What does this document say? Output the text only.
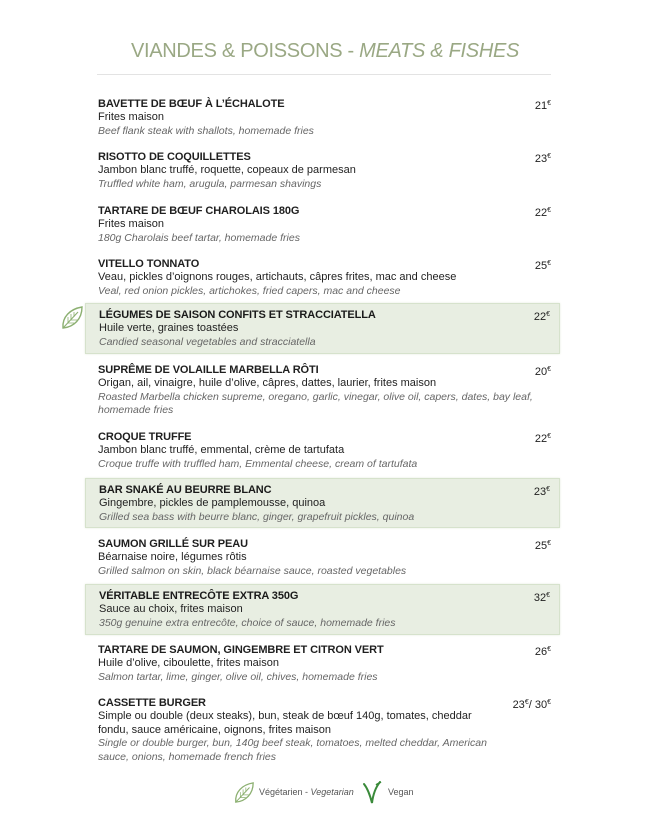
VIANDES & POISSONS - MEATS & FISHES
BAVETTE DE BŒUF À L’ÉCHALOTE
Frites maison
Beef flank steak with shallots, homemade fries
21€
RISOTTO DE COQUILLETTES
Jambon blanc truffé, roquette, copeaux de parmesan
Truffled white ham, arugula, parmesan shavings
23€
TARTARE DE BŒUF CHAROLAIS 180G
Frites maison
180g Charolais beef tartar, homemade fries
22€
VITELLO TONNATO
Veau, pickles d’oignons rouges, artichauts, câpres frites, mac and cheese
Veal, red onion pickles, artichokes, fried capers, mac and cheese
25€
LÉGUMES DE SAISON CONFITS ET STRACCIATELLA
Huile verte, graines toastées
Candied seasonal vegetables and stracciatella
22€
SUPRÊME DE VOLAILLE MARBELLA RÔTI
Origan, ail, vinaigre, huile d’olive, câpres, dattes, laurier, frites maison
Roasted Marbella chicken supreme, oregano, garlic, vinegar, olive oil, capers, dates, bay leaf, homemade fries
20€
CROQUE TRUFFE
Jambon blanc truffé, emmental, crème de tartufata
Croque truffe with truffled ham, Emmental cheese, cream of tartufata
22€
BAR SNAKÉ AU BEURRE BLANC
Gingembre, pickles de pamplemousse, quinoa
Grilled sea bass with beurre blanc, ginger, grapefruit pickles, quinoa
23€
SAUMON GRILLÉ SUR PEAU
Béarnaise noire, légumes rôtis
Grilled salmon on skin, black béarnaise sauce, roasted vegetables
25€
VÉRITABLE ENTRECÔTE EXTRA 350G
Sauce au choix, frites maison
350g genuine extra entrecôte, choice of sauce, homemade fries
32€
TARTARE DE SAUMON, GINGEMBRE ET CITRON VERT
Huile d’olive, ciboulette, frites maison
Salmon tartar, lime, ginger, olive oil, chives, homemade fries
26€
CASSETTE BURGER
Simple ou double (deux steaks), bun, steak de bœuf 140g, tomates, cheddar fondu, sauce américaine, oignons, frites maison
Single or double burger, bun, 140g beef steak, tomatoes, melted cheddar, American sauce, onions, homemade french fries
23€/ 30€
Végétarien - Vegetarian	Vegan
